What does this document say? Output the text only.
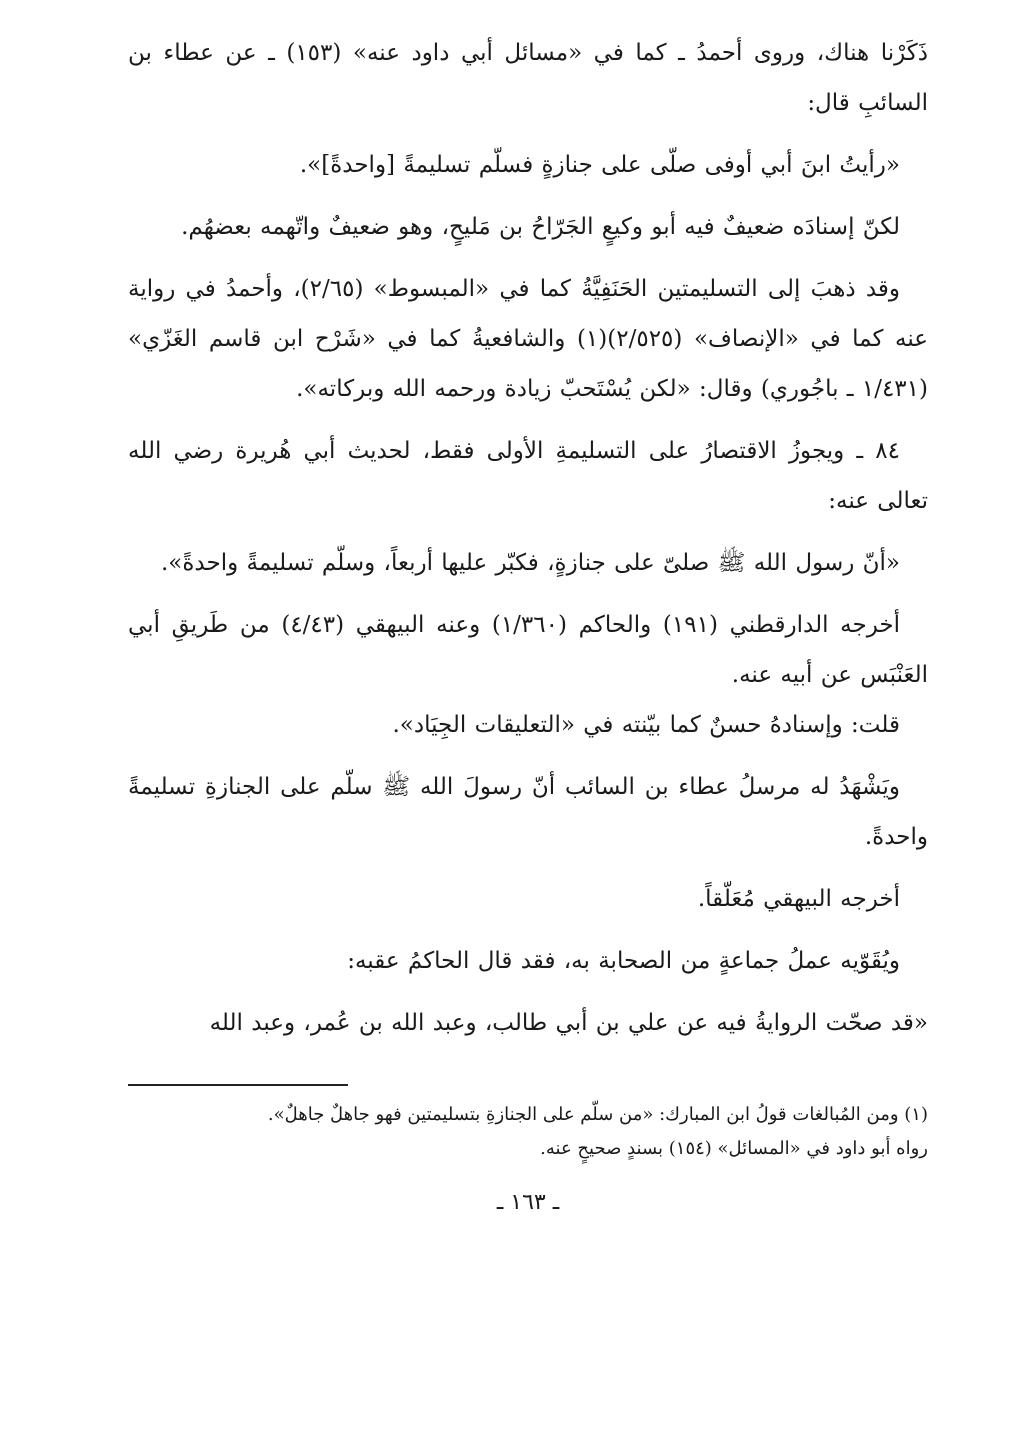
ذَكَرْنا هناك، وروى أحمدُ ـ كما في «مسائل أبي داود عنه» (١٥٣) ـ عن عطاء بن السائبِ قال:

«رأيتُ ابنَ أبي أوفى صلّى على جنازةٍ فسلّم تسليمةً [واحدةً]».

لكنّ إسنادَه ضعيفٌ فيه أبو وكيعٍ الجَرّاحُ بن مَليحٍ، وهو ضعيفٌ واتّهمه بعضهُم.

وقد ذهبَ إلى التسليمتين الحَنَفِيَّةُ كما في «المبسوط» (٢/٦٥)، وأحمدُ في رواية عنه كما في «الإنصاف» (٢/٥٢٥)(١) والشافعيةُ كما في «شَرْح ابن قاسم الغَزّي» (١/٤٣١ ـ باجُوري) وقال: «لكن يُسْتَحبّ زيادة ورحمه الله وبركاته».

٨٤ ـ ويجوزُ الاقتصارُ على التسليمةِ الأولى فقط، لحديث أبي هُريرة رضي الله تعالى عنه:

«أنّ رسول الله ﷺ صلىّ على جنازةٍ، فكبّر عليها أربعاً، وسلّم تسليمةً واحدةً».

أخرجه الدارقطني (١٩١) والحاكم (١/٣٦٠) وعنه البيهقي (٤/٤٣) من طَريقِ أبي العَنْبَس عن أبيه عنه.

قلت: وإسنادهُ حسنٌ كما بيّنته في «التعليقات الجِيَاد».

ويَشْهَدُ له مرسلُ عطاء بن السائب أنّ رسولَ الله ﷺ سلّم على الجنازةِ تسليمةً واحدةً.

أخرجه البيهقي مُعَلّقاً.

ويُقَوّيه عملُ جماعةٍ من الصحابة به، فقد قال الحاكمُ عقبه:

«قد صحّت الروايةُ فيه عن علي بن أبي طالب، وعبد الله بن عُمر، وعبد الله

(١) ومن المُبالغات قولُ ابن المبارك: «من سلّم على الجنازةِ بتسليمتين فهو جاهلٌ جاهلٌ».

رواه أبو داود في «المسائل» (١٥٤) بسندٍ صحيحٍ عنه.

ـ ١٦٣ ـ
